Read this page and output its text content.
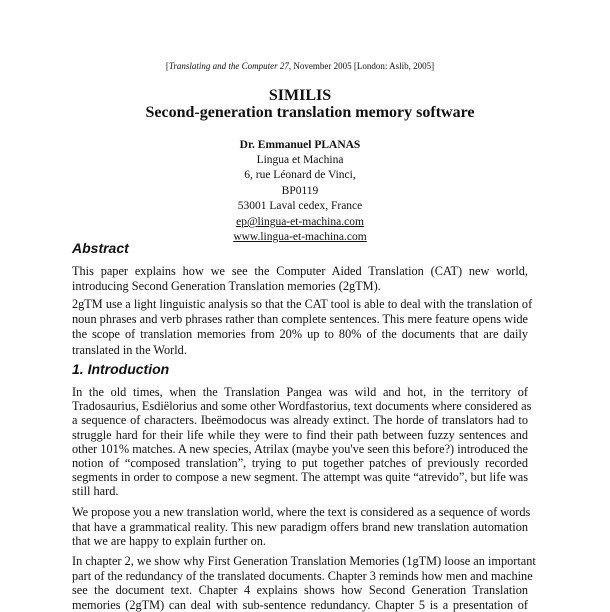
[Translating and the Computer 27, November 2005 [London: Aslib, 2005]
SIMILIS
Second-generation translation memory software
Dr. Emmanuel PLANAS
Lingua et Machina
6, rue Léonard de Vinci,
BP0119
53001 Laval cedex, France
ep@lingua-et-machina.com
www.lingua-et-machina.com
Abstract
This paper explains how we see the Computer Aided Translation (CAT) new world,
introducing Second Generation Translation memories (2gTM).
2gTM use a light linguistic analysis so that the CAT tool is able to deal with the translation of
noun phrases and verb phrases rather than complete sentences. This mere feature opens wide
the scope of translation memories from 20% up to 80% of the documents that are daily
translated in the World.
1. Introduction
In the old times, when the Translation Pangea was wild and hot, in the territory of
Tradosaurius, Esdiëlorius and some other Wordfastorius, text documents where considered as
a sequence of characters. Ibeëmodocus was already extinct. The horde of translators had to
struggle hard for their life while they were to find their path between fuzzy sentences and
other 101% matches. A new species, Atrilax (maybe you've seen this before?) introduced the
notion of “composed translation”, trying to put together patches of previously recorded
segments in order to compose a new segment. The attempt was quite “atrevido”, but life was
still hard.
We propose you a new translation world, where the text is considered as a sequence of words
that have a grammatical reality. This new paradigm offers brand new translation automation
that we are happy to explain further on.
In chapter 2, we show why First Generation Translation Memories (1gTM) loose an important
part of the redundancy of the translated documents. Chapter 3 reminds how men and machine
see the document text. Chapter 4 explains shows how Second Generation Translation
memories (2gTM) can deal with sub-sentence redundancy. Chapter 5 is a presentation of
